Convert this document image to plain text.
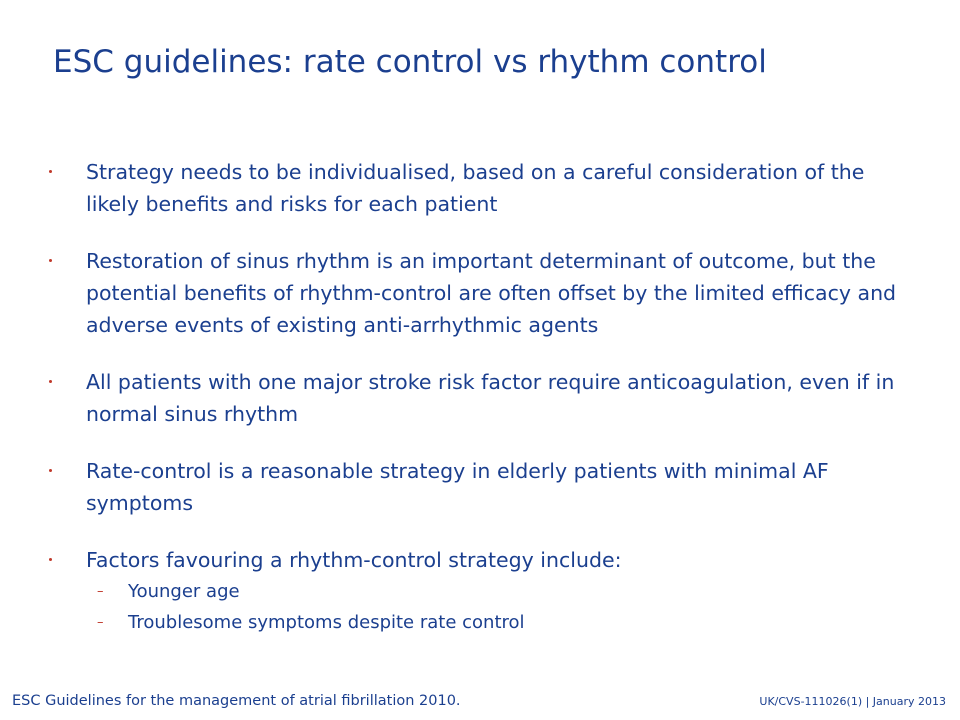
ESC guidelines: rate control vs rhythm control
Strategy needs to be individualised, based on a careful consideration of the likely benefits and risks for each patient
Restoration of sinus rhythm is an important determinant of outcome, but the potential benefits of rhythm-control are often offset by the limited efficacy and adverse events of existing anti-arrhythmic agents
All patients with one major stroke risk factor require anticoagulation, even if in normal sinus rhythm
Rate-control is a reasonable strategy in elderly patients with minimal AF symptoms
Factors favouring a rhythm-control strategy include:
– Younger age
– Troublesome symptoms despite rate control
ESC Guidelines for the management of atrial fibrillation 2010.	UK/CVS-111026(1) | January 2013
